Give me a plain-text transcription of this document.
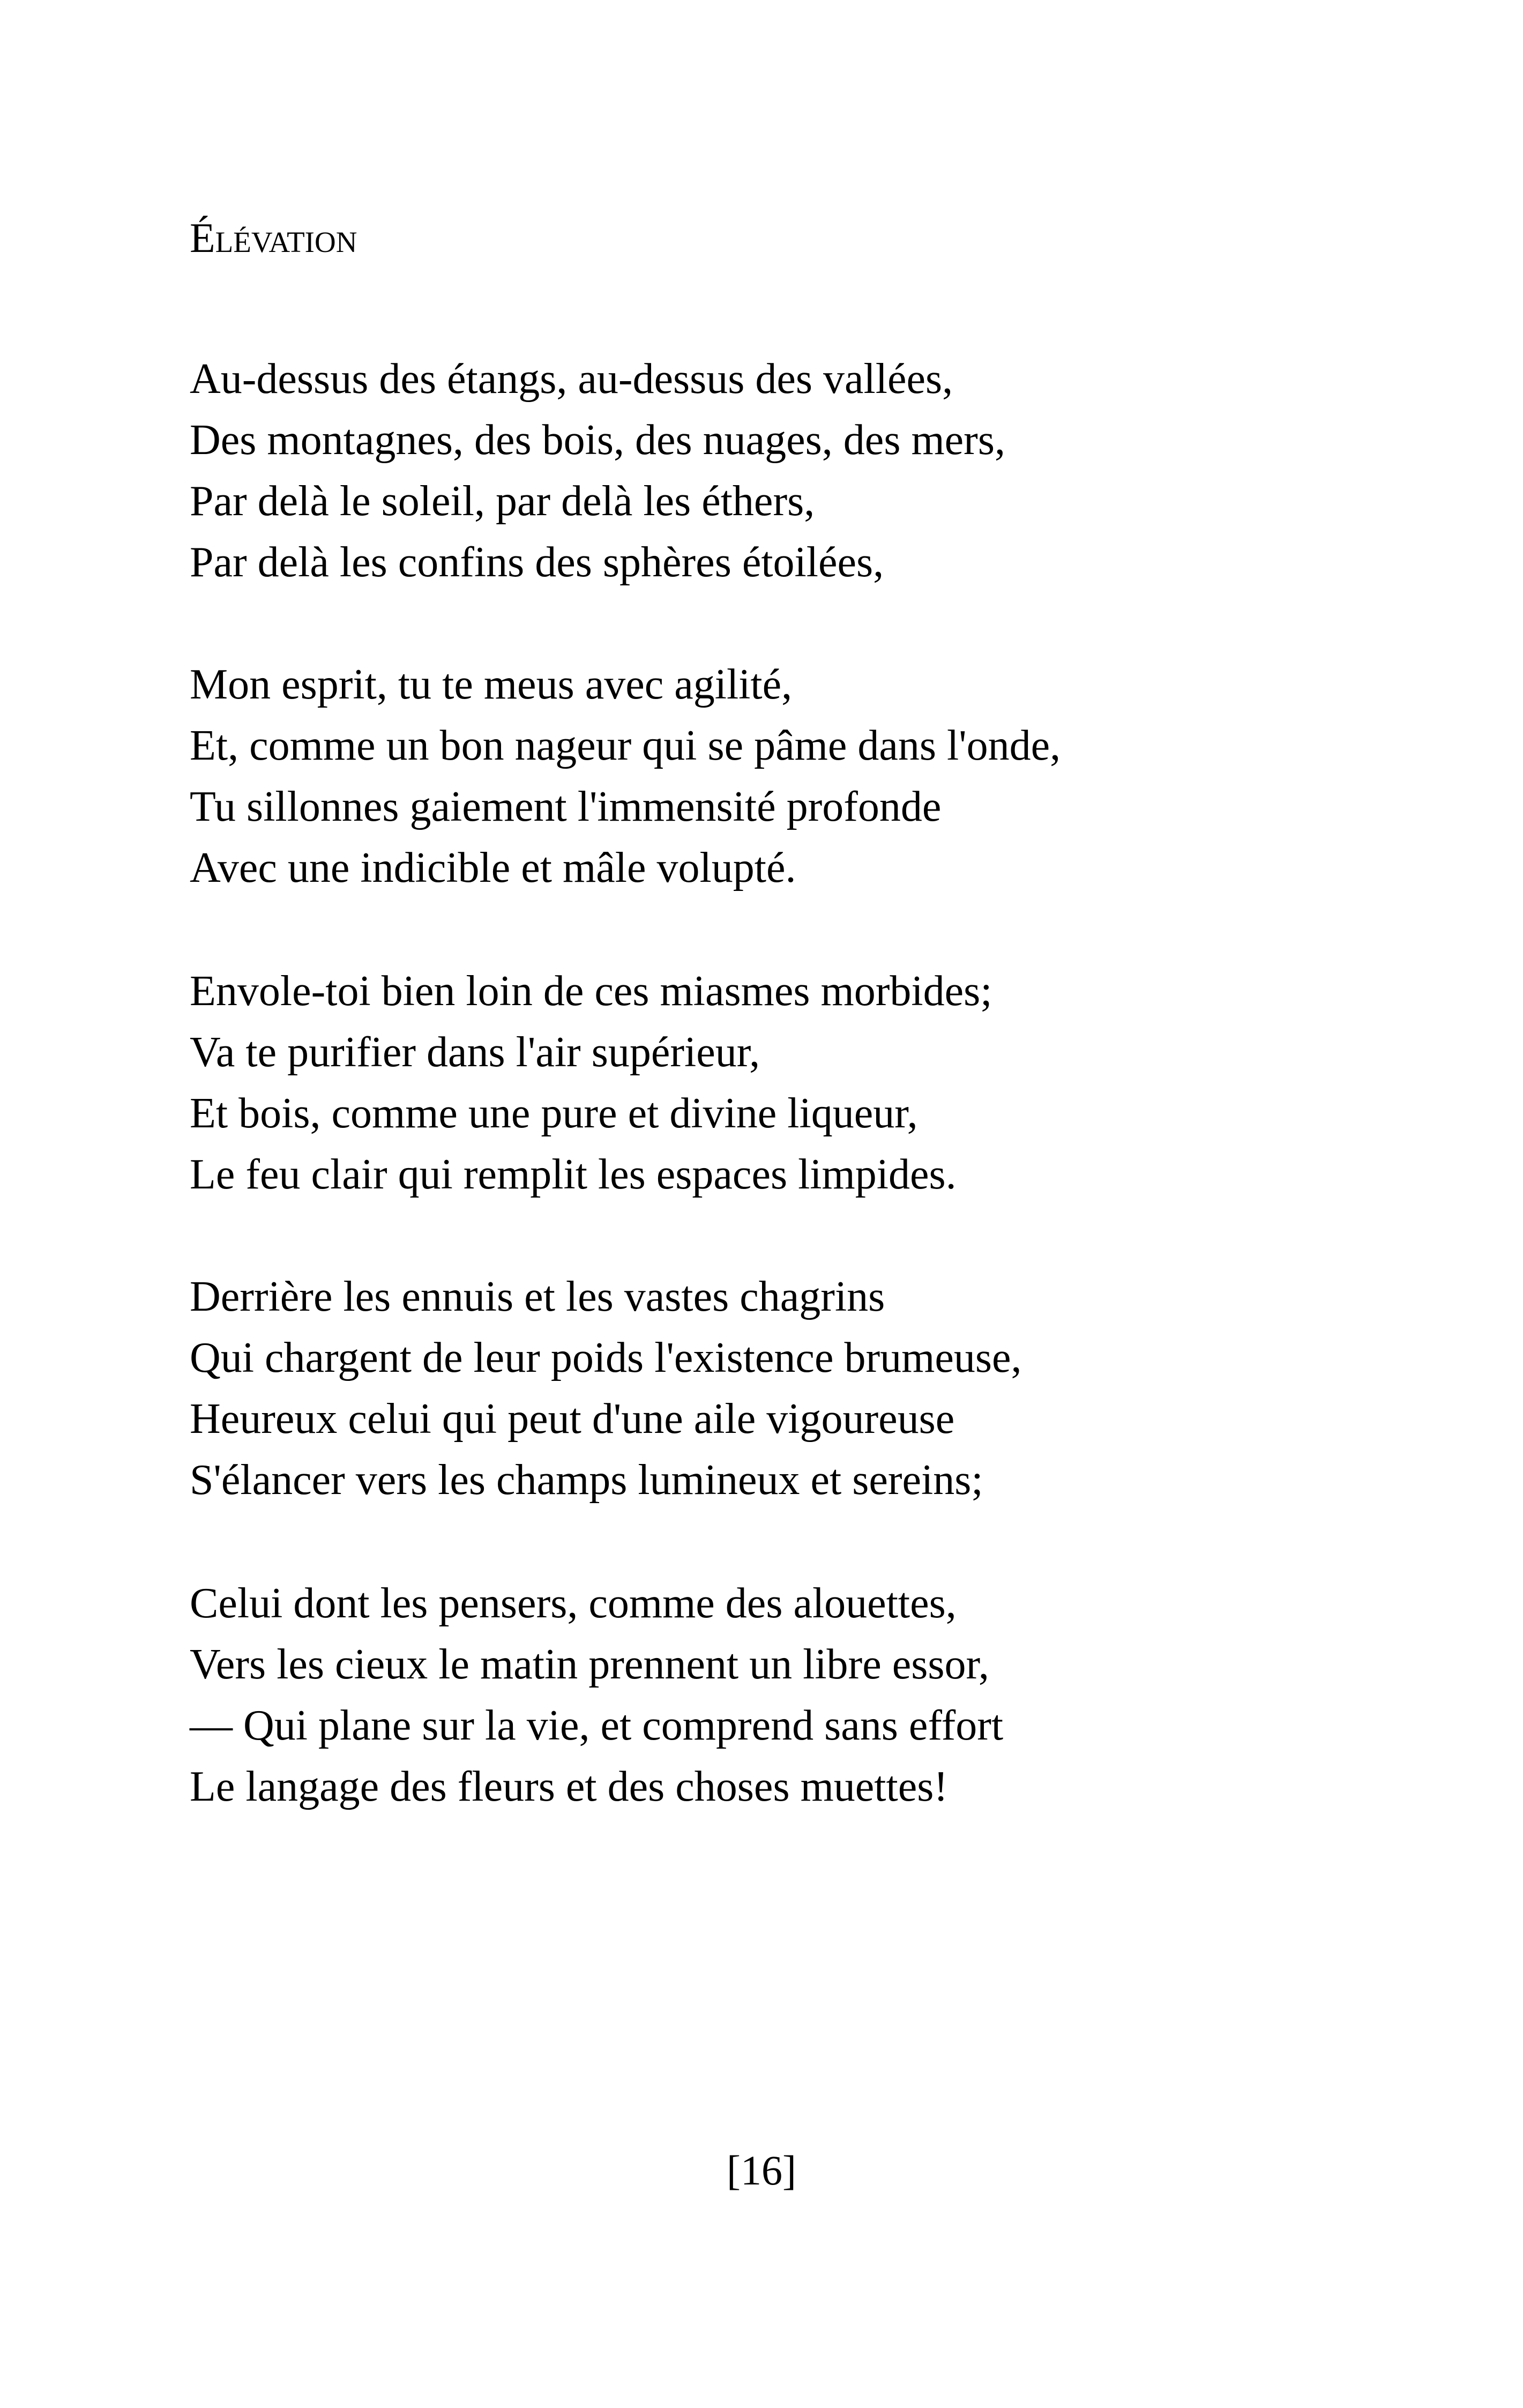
Élévation
Au-dessus des étangs, au-dessus des vallées,
Des montagnes, des bois, des nuages, des mers,
Par delà le soleil, par delà les éthers,
Par delà les confins des sphères étoilées,
Mon esprit, tu te meus avec agilité,
Et, comme un bon nageur qui se pâme dans l'onde,
Tu sillonnes gaiement l'immensité profonde
Avec une indicible et mâle volupté.
Envole-toi bien loin de ces miasmes morbides;
Va te purifier dans l'air supérieur,
Et bois, comme une pure et divine liqueur,
Le feu clair qui remplit les espaces limpides.
Derrière les ennuis et les vastes chagrins
Qui chargent de leur poids l'existence brumeuse,
Heureux celui qui peut d'une aile vigoureuse
S'élancer vers les champs lumineux et sereins;
Celui dont les pensers, comme des alouettes,
Vers les cieux le matin prennent un libre essor,
— Qui plane sur la vie, et comprend sans effort
Le langage des fleurs et des choses muettes!
[16]
